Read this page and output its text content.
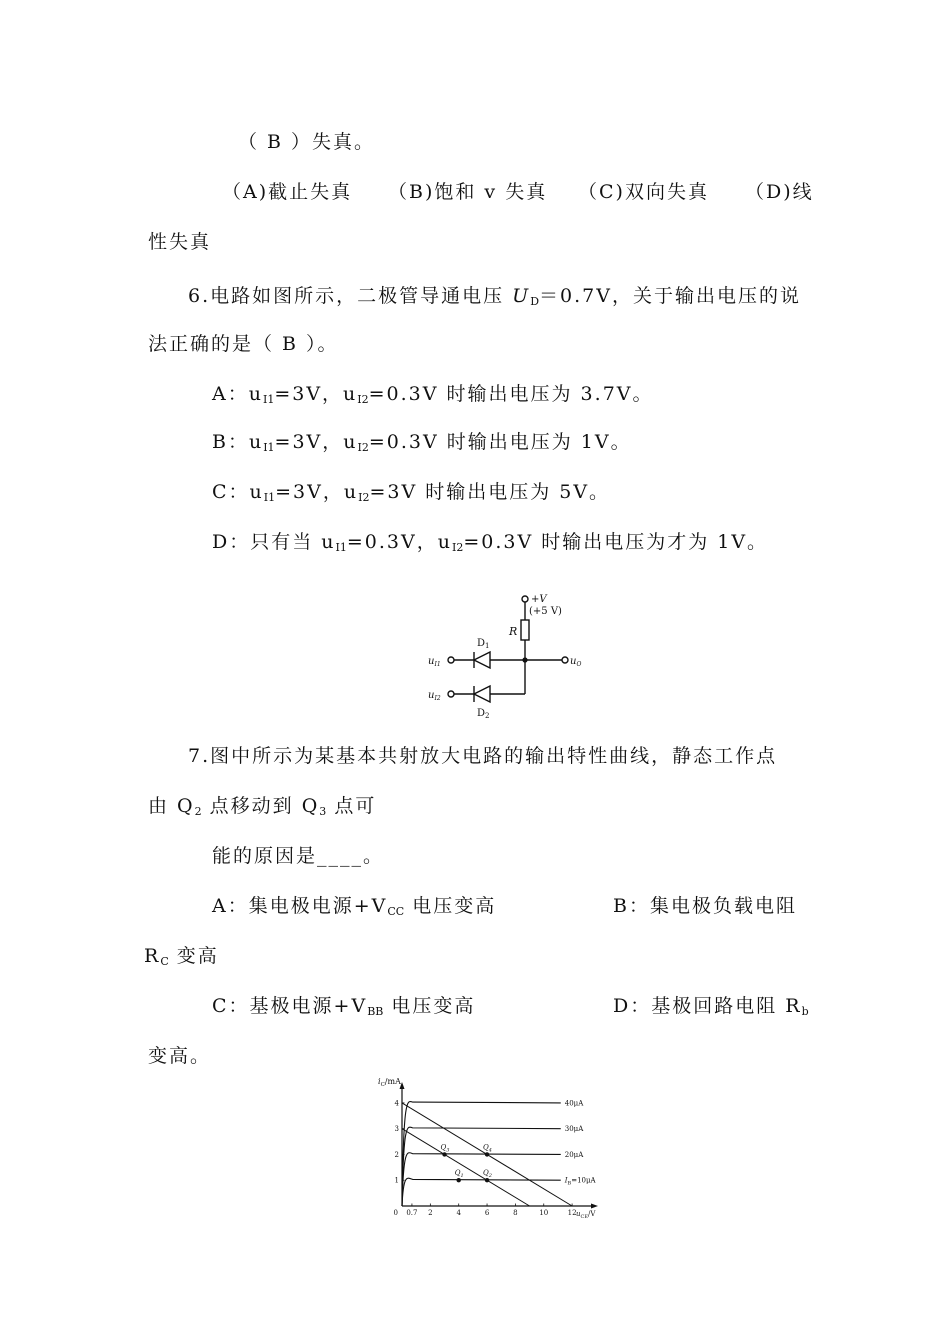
（ B ）失真。
（A)截止失真 （B)饱和 v 失真 （C)双向失真 （D)线
性失真
6.电路如图所示，二极管导通电压 $U_D=0.7V$，关于输出电压的说
法正确的是（ B ）。
A：$u_{I1}=3V$，$u_{I2}=0.3V$ 时输出电压为 3.7V。
B：$u_{I1}=3V$，$u_{I2}=0.3V$ 时输出电压为 1V。
C：$u_{I1}=3V$，$u_{I2}=3V$ 时输出电压为 5V。
D：只有当 $u_{I1}=0.3V$，$u_{I2}=0.3V$ 时输出电压为才为 1V。
+V
(+5 V)
R
$D_1$
$D_2$
$u_{I1}$
$u_{I2}$
$u_O$
7.图中所示为某基本共射放大电路的输出特性曲线，静态工作点
由 $Q_2$ 点移动到 $Q_3$ 点可
能的原因是____。
A：集电极电源$+V_{CC}$ 电压变高	B：集电极负载电阻
$R_C$ 变高
C：基极电源$+V_{BB}$ 电压变高	D：基极回路电阻 $R_b$
变高。
$i_C/mA$
$u_{CE}/V$
0 0.7 2	4	6	8	10	12
1
2
3
4	40μA
30μA
20μA
$I_B=10\mu A$
$Q_1$	$Q_2$
$Q_3$	$Q_4$
